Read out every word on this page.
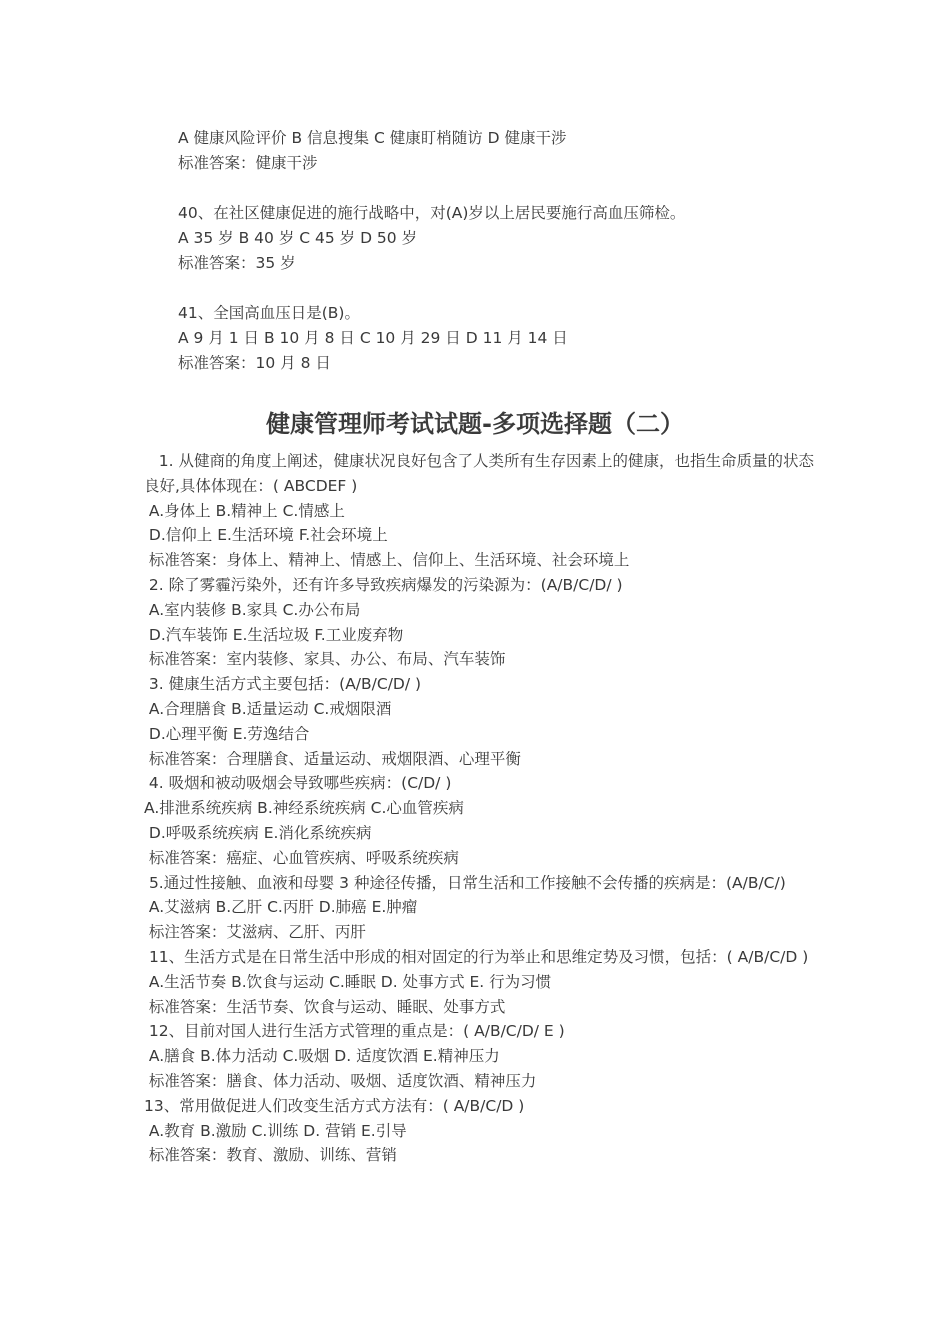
A 健康风险评价 B 信息搜集 C 健康盯梢随访 D 健康干涉
标准答案：健康干涉
40、在社区健康促进的施行战略中，对(A)岁以上居民要施行高血压筛检。
A 35 岁 B 40 岁 C 45 岁 D 50 岁
标准答案：35 岁
41、全国高血压日是(B)。
A 9 月 1 日 B 10 月 8 日 C 10 月 29 日 D 11 月 14 日
标准答案：10 月 8 日
健康管理师考试试题-多项选择题（二）
1. 从健商的角度上阐述，健康状况良好包含了人类所有生存因素上的健康，也指生命质量的状态良好,具体体现在：( ABCDEF )
A.身体上 B.精神上 C.情感上
D.信仰上 E.生活环境 F.社会环境上
标准答案：身体上、精神上、情感上、信仰上、生活环境、社会环境上
2. 除了雾霾污染外，还有许多导致疾病爆发的污染源为：(A/B/C/D/ )
A.室内装修 B.家具 C.办公布局
D.汽车装饰 E.生活垃圾 F.工业废弃物
标准答案：室内装修、家具、办公、布局、汽车装饰
3. 健康生活方式主要包括：(A/B/C/D/ )
A.合理膳食 B.适量运动 C.戒烟限酒
D.心理平衡 E.劳逸结合
标准答案：合理膳食、适量运动、戒烟限酒、心理平衡
4. 吸烟和被动吸烟会导致哪些疾病：(C/D/ )
A.排泄系统疾病 B.神经系统疾病 C.心血管疾病
D.呼吸系统疾病 E.消化系统疾病
标准答案：癌症、心血管疾病、呼吸系统疾病
5.通过性接触、血液和母婴 3 种途径传播，日常生活和工作接触不会传播的疾病是：(A/B/C/)
A.艾滋病 B.乙肝 C.丙肝 D.肺癌 E.肿瘤
标注答案：艾滋病、乙肝、丙肝
11、生活方式是在日常生活中形成的相对固定的行为举止和思维定势及习惯，包括：( A/B/C/D )
A.生活节奏 B.饮食与运动 C.睡眠 D. 处事方式 E. 行为习惯
标准答案：生活节奏、饮食与运动、睡眠、处事方式
12、目前对国人进行生活方式管理的重点是：( A/B/C/D/ E )
A.膳食 B.体力活动 C.吸烟 D. 适度饮酒 E.精神压力
标准答案：膳食、体力活动、吸烟、适度饮酒、精神压力
13、常用做促进人们改变生活方式方法有：( A/B/C/D )
A.教育 B.激励 C.训练 D. 营销 E.引导
标准答案：教育、激励、训练、营销
